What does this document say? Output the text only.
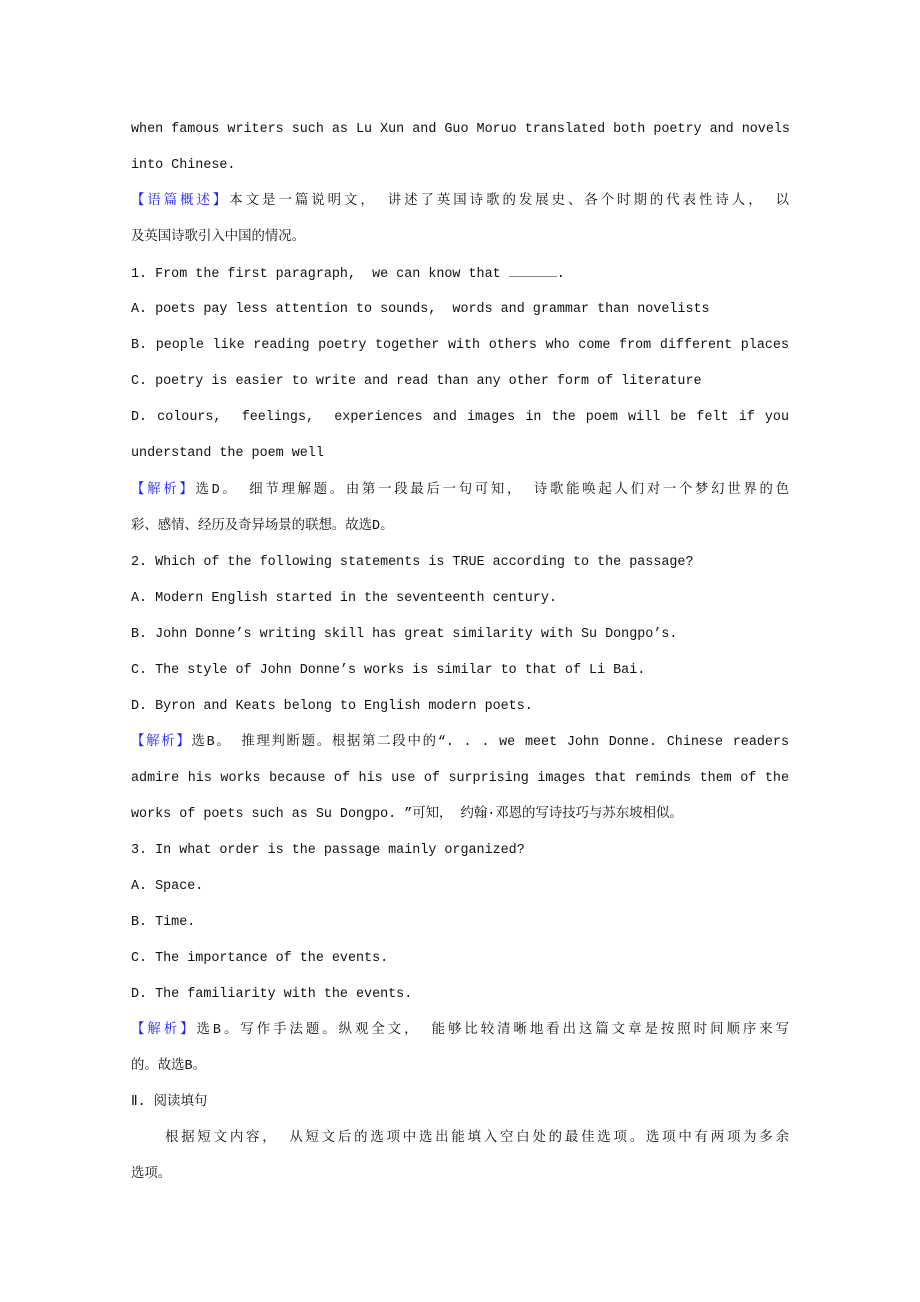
when famous writers such as Lu Xun and Guo Moruo translated both poetry and novels
into Chinese.
【语篇概述】本文是一篇说明文， 讲述了英国诗歌的发展史、各个时期的代表性诗人， 以
及英国诗歌引入中国的情况。
1. From the first paragraph,  we can know that	.
A. poets pay less attention to sounds,  words and grammar than novelists
B. people like reading poetry together with others who come from different places
C. poetry is easier to write and read than any other form of literature
D. colours,  feelings,  experiences and images in the poem will be felt if you
understand the poem well
【解析】选D。 细节理解题。由第一段最后一句可知， 诗歌能唤起人们对一个梦幻世界的色
彩、感情、经历及奇异场景的联想。故选D。
2. Which of the following statements is TRUE according to the passage?
A. Modern English started in the seventeenth century.
B. John Donne’s writing skill has great similarity with Su Dongpo’s.
C. The style of John Donne’s works is similar to that of Li Bai.
D. Byron and Keats belong to English modern poets.
【解析】选B。 推理判断题。根据第二段中的“. . . we meet John Donne. Chinese readers
admire his works because of his use of surprising images that reminds them of the
works of poets such as Su Dongpo. ”可知， 约翰·邓恩的写诗技巧与苏东坡相似。
3. In what order is the passage mainly organized?
A. Space.
B. Time.
C. The importance of the events.
D. The familiarity with the events.
【解析】选B。写作手法题。纵观全文， 能够比较清晰地看出这篇文章是按照时间顺序来写
的。故选B。
Ⅱ. 阅读填句
根据短文内容， 从短文后的选项中选出能填入空白处的最佳选项。选项中有两项为多余
选项。
